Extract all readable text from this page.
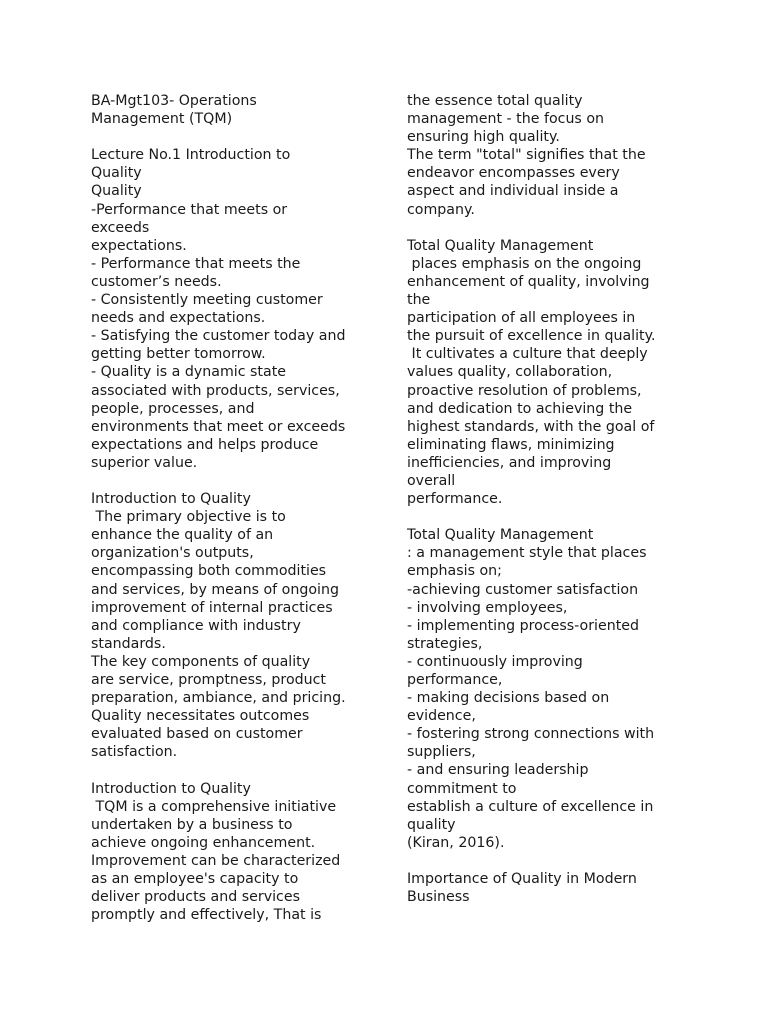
BA-Mgt103- Operations
Management (TQM)
Lecture No.1 Introduction to
Quality
Quality
-Performance that meets or
exceeds
expectations.
- Performance that meets the
customer’s needs.
- Consistently meeting customer
needs and expectations.
- Satisfying the customer today and
getting better tomorrow.
- Quality is a dynamic state
associated with products, services,
people, processes, and
environments that meet or exceeds
expectations and helps produce
superior value.
Introduction to Quality
The primary objective is to
enhance the quality of an
organization's outputs,
encompassing both commodities
and services, by means of ongoing
improvement of internal practices
and compliance with industry
standards.
The key components of quality
are service, promptness, product
preparation, ambiance, and pricing.
Quality necessitates outcomes
evaluated based on customer
satisfaction.
Introduction to Quality
TQM is a comprehensive initiative
undertaken by a business to
achieve ongoing enhancement.
Improvement can be characterized
as an employee's capacity to
deliver products and services
promptly and effectively, That is
the essence total quality
management - the focus on
ensuring high quality.
The term "total" signifies that the
endeavor encompasses every
aspect and individual inside a
company.
Total Quality Management
places emphasis on the ongoing
enhancement of quality, involving
the
participation of all employees in
the pursuit of excellence in quality.
It cultivates a culture that deeply
values quality, collaboration,
proactive resolution of problems,
and dedication to achieving the
highest standards, with the goal of
eliminating flaws, minimizing
inefficiencies, and improving
overall
performance.
Total Quality Management
: a management style that places
emphasis on;
-achieving customer satisfaction
- involving employees,
- implementing process-oriented
strategies,
- continuously improving
performance,
- making decisions based on
evidence,
- fostering strong connections with
suppliers,
- and ensuring leadership
commitment to
establish a culture of excellence in
quality
(Kiran, 2016).
Importance of Quality in Modern
Business
